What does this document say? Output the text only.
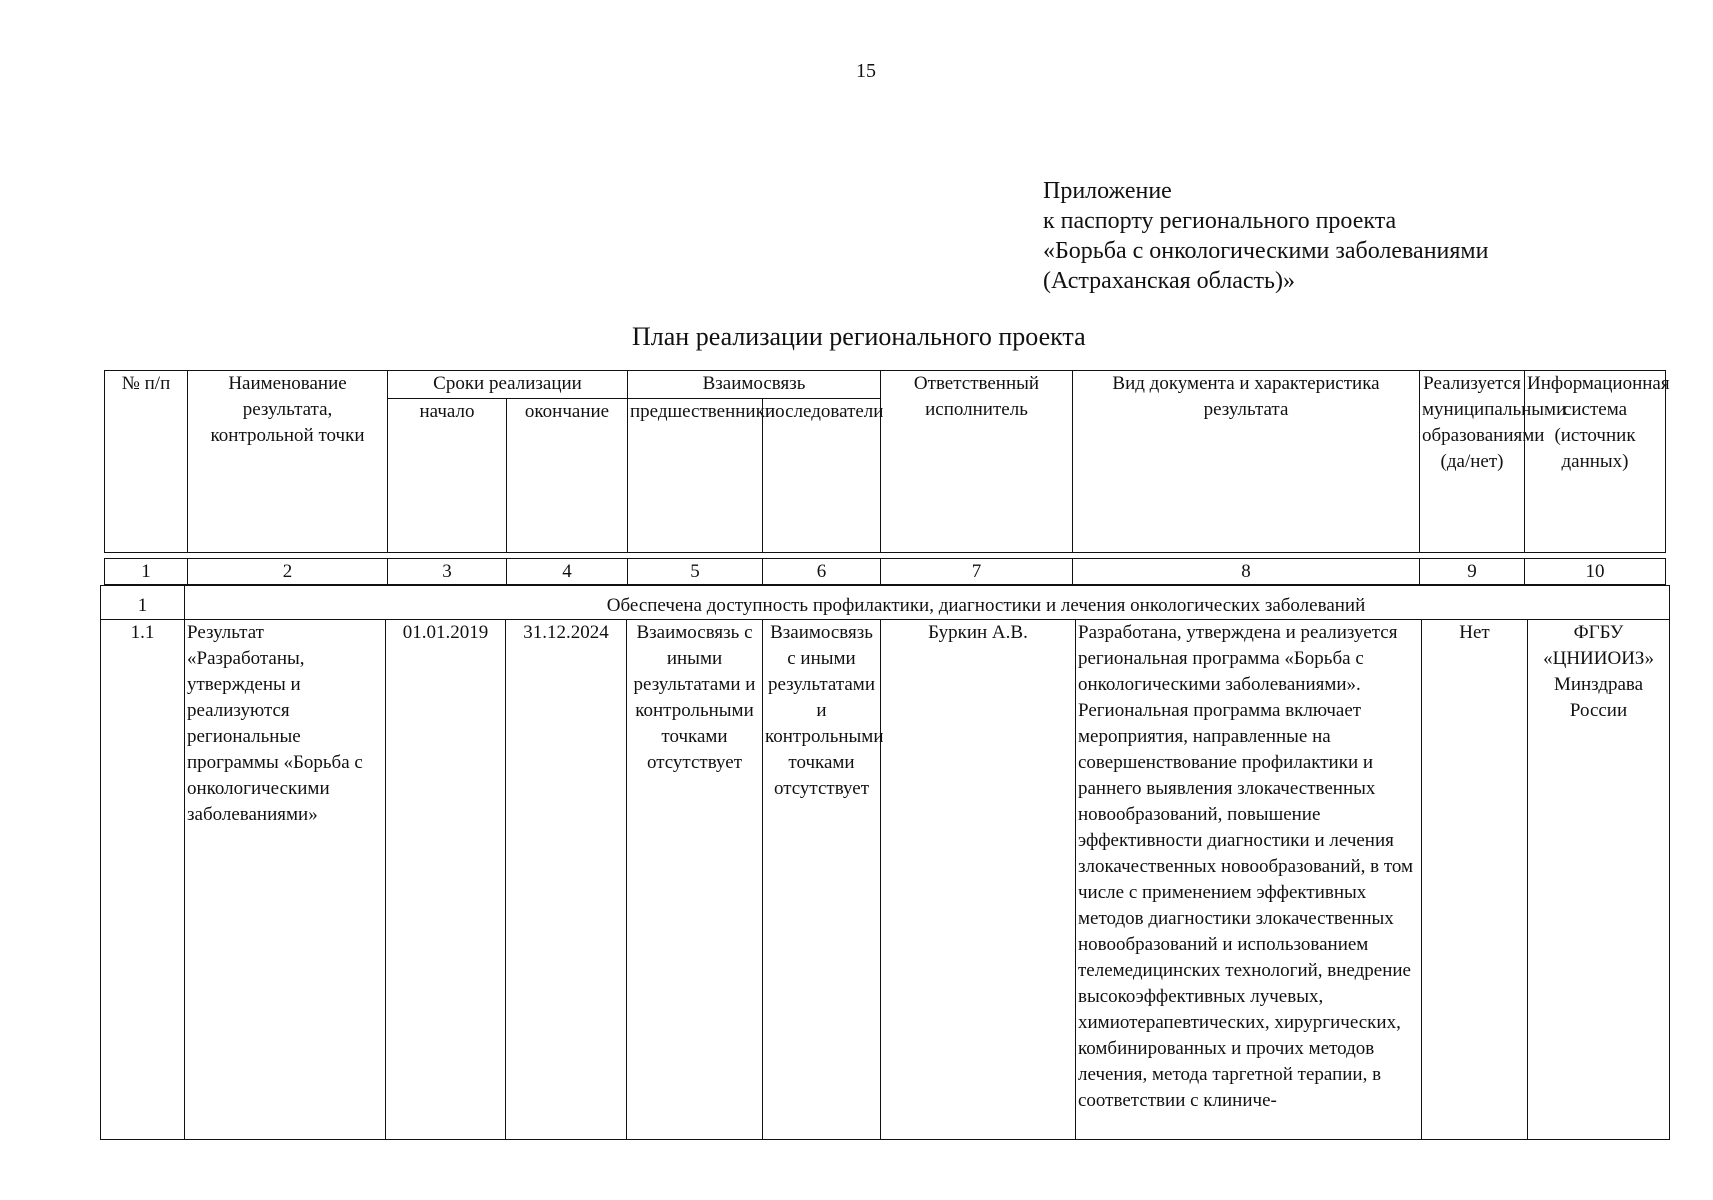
15
Приложение
к паспорту регионального проекта
«Борьба с онкологическими заболеваниями
(Астраханская область)»
План реализации регионального проекта
№ п/п	Наименование результата, контрольной точки	Сроки реализации		Взаимосвязь		Ответственный исполнитель	Вид документа и характеристика результата	Реализуется муниципальными образованиями (да/нет)	Информационная система (источник данных)
		начало	окончание	предшественники	последователи				
1	2	3	4	5	6	7	8	9	10
1	Обеспечена доступность профилактики, диагностики и лечения онкологических заболеваний								
1.1	Результат «Разработаны, утверждены и реализуются региональные программы «Борьба с онкологическими заболеваниями»	01.01.2019	31.12.2024	Взаимосвязь с иными результатами и контрольными точками отсутствует	Взаимосвязь с иными результатами и контрольными точками отсутствует	Буркин А.В.	Разработана, утверждена и реализуется региональная программа «Борьба с онкологическими заболеваниями». Региональная программа включает мероприятия, направленные на совершенствование профилактики и раннего выявления злокачественных новообразований, повышение эффективности диагностики и лечения злокачественных новообразований, в том числе с применением эффективных методов диагностики злокачественных новообразований и использованием телемедицинских технологий, внедрение высокоэффективных лучевых, химиотерапевтических, хирургических, комбинированных и прочих методов лечения, метода таргетной терапии, в соответствии с клиниче-	Нет	ФГБУ «ЦНИИОИЗ» Минздрава России
